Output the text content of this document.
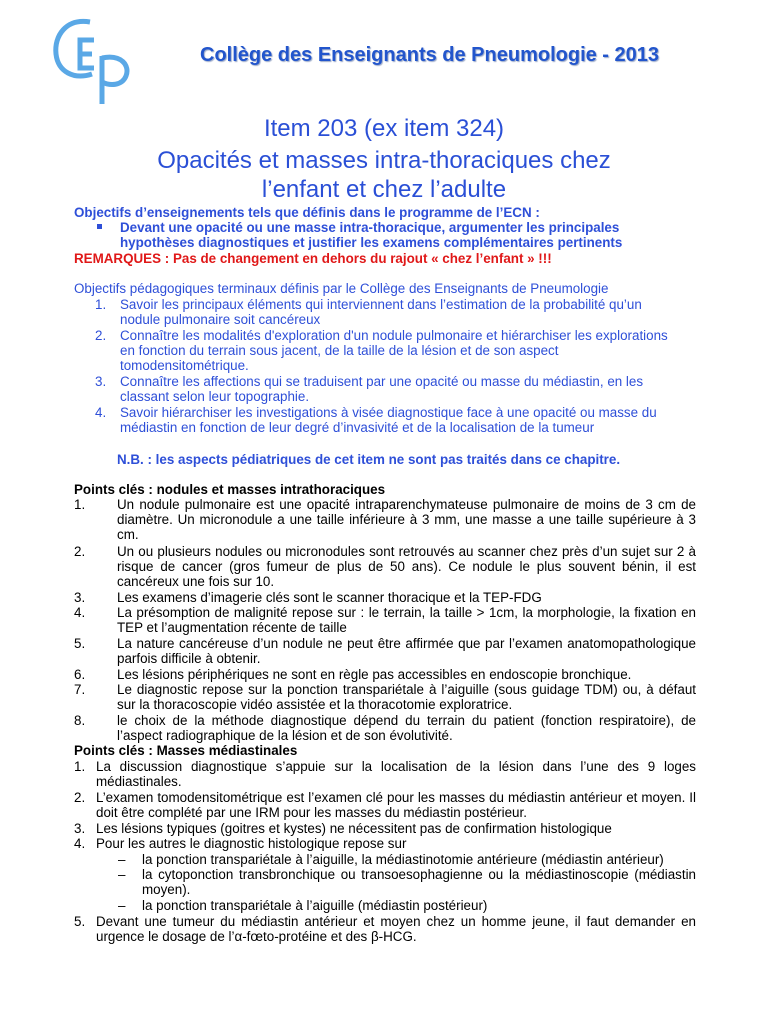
Collège des Enseignants de Pneumologie - 2013
Item 203 (ex item 324)
Opacités et masses intra-thoraciques chez
l’enfant et chez l’adulte
Objectifs d’enseignements tels que définis dans le programme de l’ECN :
Devant une opacité ou une masse intra-thoracique, argumenter les principales hypothèses diagnostiques et justifier les examens complémentaires pertinents
REMARQUES : Pas de changement en dehors du rajout « chez l’enfant » !!!
Objectifs pédagogiques terminaux définis par le Collège des Enseignants de Pneumologie
1. Savoir les principaux éléments qui interviennent dans l’estimation de la probabilité qu’un nodule pulmonaire soit cancéreux
2. Connaître les modalités d'exploration d'un nodule pulmonaire et hiérarchiser les explorations en fonction du terrain sous jacent, de la taille de la lésion et de son aspect tomodensitométrique.
3. Connaître les affections qui se traduisent par une opacité ou masse du médiastin, en les classant selon leur topographie.
4. Savoir hiérarchiser les investigations à visée diagnostique face à une opacité ou masse du médiastin en fonction de leur degré d’invasivité et de la localisation de la tumeur
N.B. : les aspects pédiatriques de cet item ne sont pas traités dans ce chapitre.
Points clés : nodules et masses intrathoraciques
1. Un nodule pulmonaire est une opacité intraparenchymateuse pulmonaire de moins de 3 cm de diamètre. Un micronodule a une taille inférieure à 3 mm, une masse a une taille supérieure à 3 cm.
2. Un ou plusieurs nodules ou micronodules sont retrouvés au scanner chez près d’un sujet sur 2 à risque de cancer (gros fumeur de plus de 50 ans). Ce nodule le plus souvent bénin, il est cancéreux une fois sur 10.
3. Les examens d’imagerie clés sont le scanner thoracique et la TEP-FDG
4. La présomption de malignité repose sur : le terrain, la taille > 1cm, la morphologie, la fixation en TEP et l’augmentation récente de taille
5. La nature cancéreuse d’un nodule ne peut être affirmée que par l’examen anatomopathologique parfois difficile à obtenir.
6. Les lésions périphériques ne sont en règle pas accessibles en endoscopie bronchique.
7. Le diagnostic repose sur la ponction transpariétale à l’aiguille (sous guidage TDM) ou, à défaut sur la thoracoscopie vidéo assistée et la thoracotomie exploratrice.
8. le choix de la méthode diagnostique dépend du terrain du patient (fonction respiratoire), de l’aspect radiographique de la lésion et de son évolutivité.
Points clés : Masses médiastinales
1. La discussion diagnostique s’appuie sur la localisation de la lésion dans l’une des 9 loges médiastinales.
2. L’examen tomodensitométrique est l’examen clé pour les masses du médiastin antérieur et moyen. Il doit être complété par une IRM pour les masses du médiastin postérieur.
3. Les lésions typiques (goitres et kystes) ne nécessitent pas de confirmation histologique
4. Pour les autres le diagnostic histologique repose sur
– la ponction transpariétale à l’aiguille, la médiastinotomie antérieure (médiastin antérieur)
– la cytoponction transbronchique ou transoesophagienne ou la médiastinoscopie (médiastin moyen).
– la ponction transpariétale à l’aiguille (médiastin postérieur)
5. Devant une tumeur du médiastin antérieur et moyen chez un homme jeune, il faut demander en urgence le dosage de l’α-fœto-protéine et des β-HCG.
